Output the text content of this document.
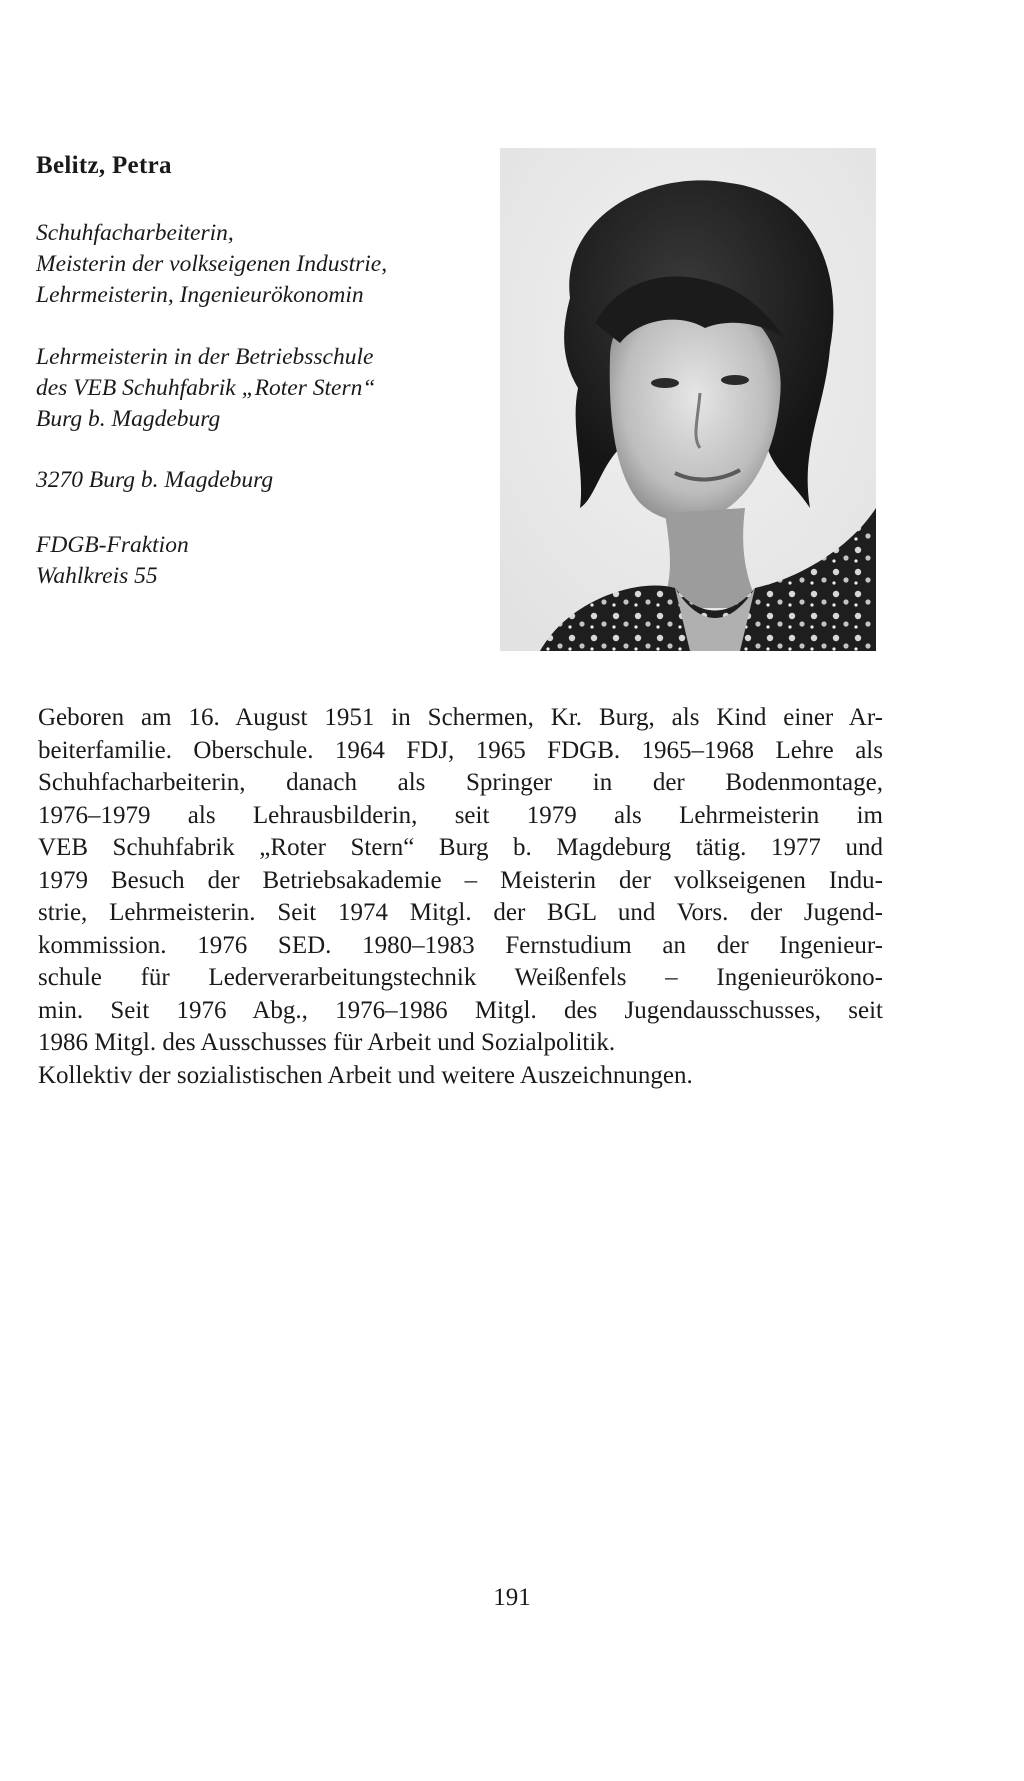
Belitz, Petra
Schuhfacharbeiterin,
Meisterin der volkseigenen Industrie,
Lehrmeisterin, Ingenieurökonomin
Lehrmeisterin in der Betriebsschule
des VEB Schuhfabrik „Roter Stern“
Burg b. Magdeburg
3270 Burg b. Magdeburg
FDGB-Fraktion
Wahlkreis 55
Geboren am 16. August 1951 in Schermen, Kr. Burg, als Kind einer Ar-
beiterfamilie. Oberschule. 1964 FDJ, 1965 FDGB. 1965–1968 Lehre als
Schuhfacharbeiterin, danach als Springer in der Bodenmontage,
1976–1979 als Lehrausbilderin, seit 1979 als Lehrmeisterin im
VEB Schuhfabrik „Roter Stern“ Burg b. Magdeburg tätig. 1977 und
1979 Besuch der Betriebsakademie – Meisterin der volkseigenen Indu-
strie, Lehrmeisterin. Seit 1974 Mitgl. der BGL und Vors. der Jugend-
kommission. 1976 SED. 1980–1983 Fernstudium an der Ingenieur-
schule für Lederverarbeitungstechnik Weißenfels – Ingenieurökono-
min. Seit 1976 Abg., 1976–1986 Mitgl. des Jugendausschusses, seit
1986 Mitgl. des Ausschusses für Arbeit und Sozialpolitik.
Kollektiv der sozialistischen Arbeit und weitere Auszeichnungen.
191
